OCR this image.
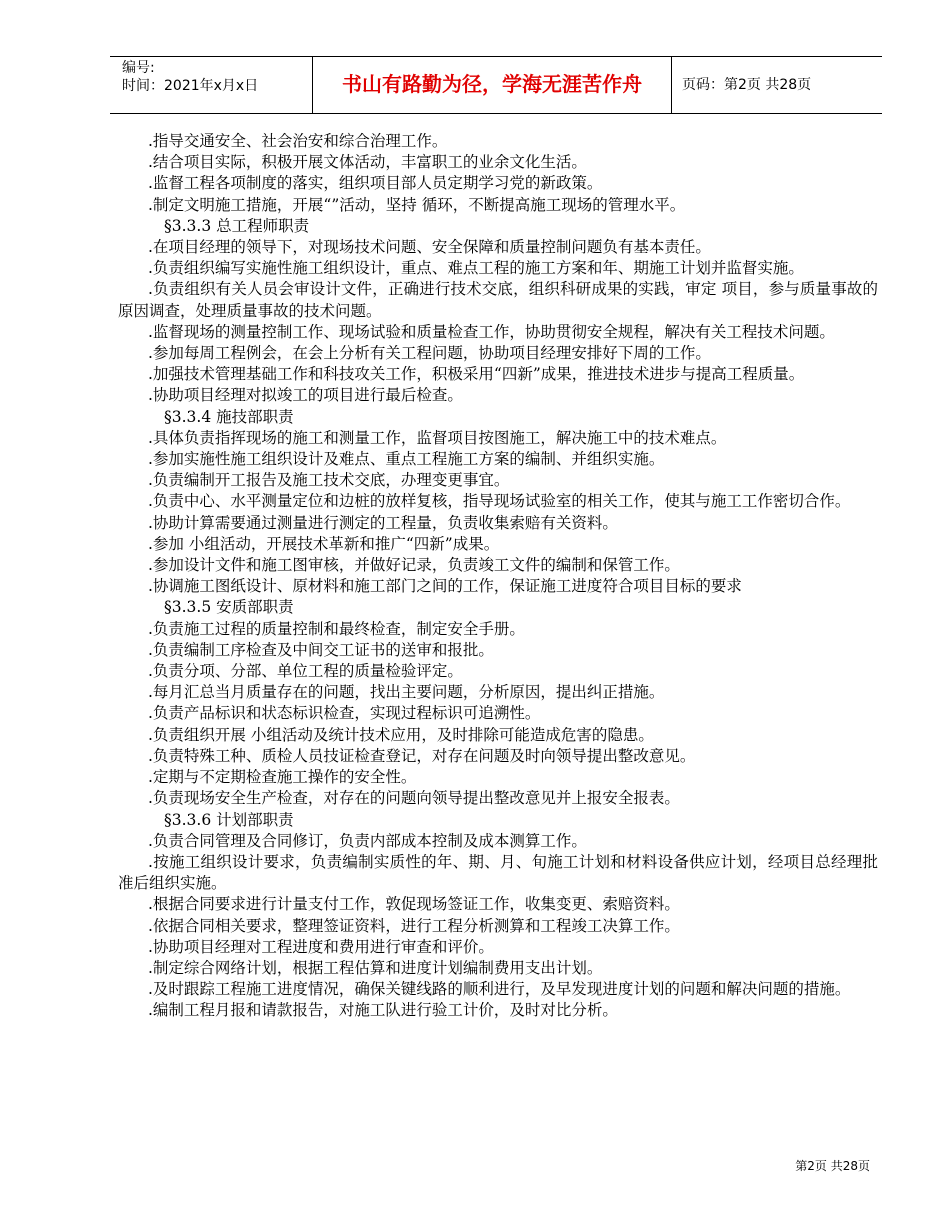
编号:
时间：2021年x月x日	书山有路勤为径，学海无涯苦作舟	页码：第2页 共28页

.指导交通安全、社会治安和综合治理工作。

.结合项目实际，积极开展文体活动，丰富职工的业余文化生活。

.监督工程各项制度的落实，组织项目部人员定期学习党的新政策。

.制定文明施工措施，开展“”活动，坚持 循环，不断提高施工现场的管理水平。

§3.3.3 总工程师职责

.在项目经理的领导下，对现场技术问题、安全保障和质量控制问题负有基本责任。

.负责组织编写实施性施工组织设计，重点、难点工程的施工方案和年、期施工计划并监督实施。

.负责组织有关人员会审设计文件，正确进行技术交底，组织科研成果的实践，审定 项目，参与质量事故的原因调查，处理质量事故的技术问题。

.监督现场的测量控制工作、现场试验和质量检查工作，协助贯彻安全规程，解决有关工程技术问题。

.参加每周工程例会，在会上分析有关工程问题，协助项目经理安排好下周的工作。

.加强技术管理基础工作和科技攻关工作，积极采用“四新”成果，推进技术进步与提高工程质量。

.协助项目经理对拟竣工的项目进行最后检查。

§3.3.4 施技部职责

.具体负责指挥现场的施工和测量工作，监督项目按图施工，解决施工中的技术难点。

.参加实施性施工组织设计及难点、重点工程施工方案的编制、并组织实施。

.负责编制开工报告及施工技术交底，办理变更事宜。

.负责中心、水平测量定位和边桩的放样复核，指导现场试验室的相关工作，使其与施工工作密切合作。

.协助计算需要通过测量进行测定的工程量，负责收集索赔有关资料。

.参加 小组活动，开展技术革新和推广“四新”成果。

.参加设计文件和施工图审核，并做好记录，负责竣工文件的编制和保管工作。

.协调施工图纸设计、原材料和施工部门之间的工作，保证施工进度符合项目目标的要求

§3.3.5 安质部职责

.负责施工过程的质量控制和最终检查，制定安全手册。

.负责编制工序检查及中间交工证书的送审和报批。

.负责分项、分部、单位工程的质量检验评定。

.每月汇总当月质量存在的问题，找出主要问题，分析原因，提出纠正措施。

.负责产品标识和状态标识检查，实现过程标识可追溯性。

.负责组织开展 小组活动及统计技术应用，及时排除可能造成危害的隐患。

.负责特殊工种、质检人员技证检查登记，对存在问题及时向领导提出整改意见。

.定期与不定期检查施工操作的安全性。

.负责现场安全生产检查，对存在的问题向领导提出整改意见并上报安全报表。

§3.3.6 计划部职责

.负责合同管理及合同修订，负责内部成本控制及成本测算工作。

.按施工组织设计要求，负责编制实质性的年、期、月、旬施工计划和材料设备供应计划，经项目总经理批准后组织实施。

.根据合同要求进行计量支付工作，敦促现场签证工作，收集变更、索赔资料。

.依据合同相关要求，整理签证资料，进行工程分析测算和工程竣工决算工作。

.协助项目经理对工程进度和费用进行审查和评价。

.制定综合网络计划，根据工程估算和进度计划编制费用支出计划。

.及时跟踪工程施工进度情况，确保关键线路的顺利进行，及早发现进度计划的问题和解决问题的措施。

.编制工程月报和请款报告，对施工队进行验工计价，及时对比分析。

第2页 共28页
